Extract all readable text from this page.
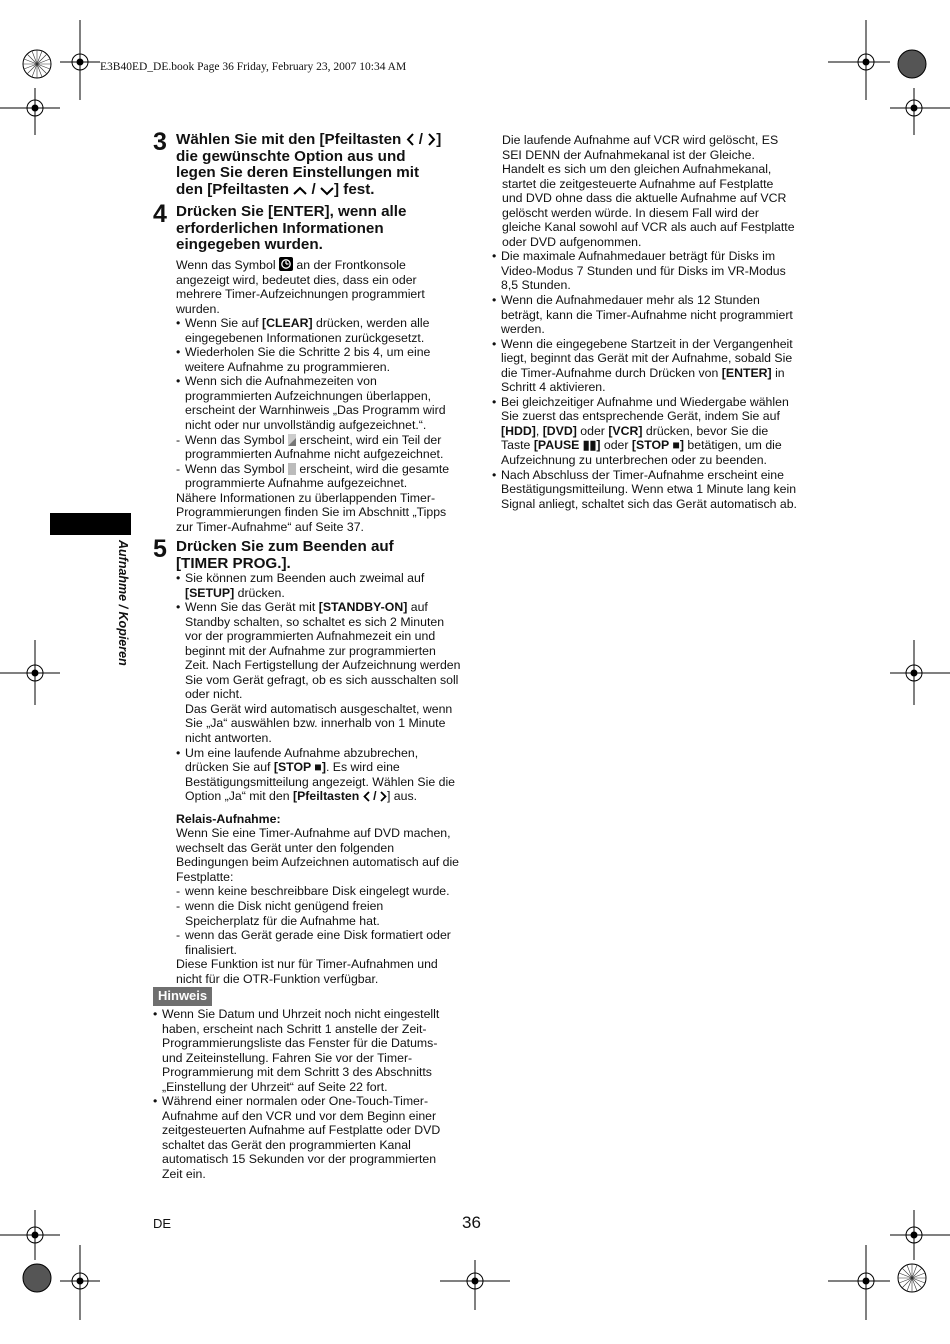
E3B40ED_DE.book Page 36 Friday, February 23, 2007 10:34 AM
Aufnahme / Kopieren
3 Wählen Sie mit den [Pfeiltasten  / ]
die gewünschte Option aus und
legen Sie deren Einstellungen mit
den [Pfeiltasten  / ] fest.
4 Drücken Sie [ENTER], wenn alle erforderlichen Informationen eingegeben wurden.

Wenn das Symbol an der Frontkonsole angezeigt wird, bedeutet dies, dass ein oder mehrere Timer-Aufzeichnungen programmiert wurden.

• Wenn Sie auf [CLEAR] drücken, werden alle eingegebenen Informationen zurückgesetzt.
• Wiederholen Sie die Schritte 2 bis 4, um eine weitere Aufnahme zu programmieren.
• Wenn sich die Aufnahmezeiten von programmierten Aufzeichnungen überlappen, erscheint der Warnhinweis „Das Programm wird nicht oder nur unvollständig aufgezeichnet.“.
- Wenn das Symbol erscheint, wird ein Teil der programmierten Aufnahme nicht aufgezeichnet.
- Wenn das Symbol erscheint, wird die gesamte programmierte Aufnahme aufgezeichnet.

Nähere Informationen zu überlappenden Timer-Programmierungen finden Sie im Abschnitt „Tipps zur Timer-Aufnahme“ auf Seite 37.

5 Drücken Sie zum Beenden auf [TIMER PROG.].
• Sie können zum Beenden auch zweimal auf [SETUP] drücken.
• Wenn Sie das Gerät mit [STANDBY-ON] auf Standby schalten, so schaltet es sich 2 Minuten vor der programmierten Aufnahmezeit ein und beginnt mit der Aufnahme zur programmierten Zeit. Nach Fertigstellung der Aufzeichnung werden Sie vom Gerät gefragt, ob es sich ausschalten soll oder nicht.
Das Gerät wird automatisch ausgeschaltet, wenn Sie „Ja“ auswählen bzw. innerhalb von 1 Minute nicht antworten.
• Um eine laufende Aufnahme abzubrechen, drücken Sie auf [STOP ■]. Es wird eine Bestätigungsmitteilung angezeigt. Wählen Sie die Option „Ja“ mit den [Pfeiltasten  / ] aus.
Relais-Aufnahme:

Wenn Sie eine Timer-Aufnahme auf DVD machen, wechselt das Gerät unter den folgenden Bedingungen beim Aufzeichnen automatisch auf die Festplatte:

- wenn keine beschreibbare Disk eingelegt wurde.
- wenn die Disk nicht genügend freien Speicherplatz für die Aufnahme hat.
- wenn das Gerät gerade eine Disk formatiert oder finalisiert.

Diese Funktion ist nur für Timer-Aufnahmen und nicht für die OTR-Funktion verfügbar.

Hinweis
• Wenn Sie Datum und Uhrzeit noch nicht eingestellt haben, erscheint nach Schritt 1 anstelle der Zeit-Programmierungsliste das Fenster für die Datums- und Zeiteinstellung. Fahren Sie vor der Timer-Programmierung mit dem Schritt 3 des Abschnitts „Einstellung der Uhrzeit“ auf Seite 22 fort.
• Während einer normalen oder One-Touch-Timer-Aufnahme auf den VCR und vor dem Beginn einer zeitgesteuerten Aufnahme auf Festplatte oder DVD schaltet das Gerät den programmierten Kanal automatisch 15 Sekunden vor der programmierten Zeit ein.

Die laufende Aufnahme auf VCR wird gelöscht, ES SEI DENN der Aufnahmekanal ist der Gleiche. Handelt es sich um den gleichen Aufnahmekanal, startet die zeitgesteuerte Aufnahme auf Festplatte und DVD ohne dass die aktuelle Aufnahme auf VCR gelöscht werden würde. In diesem Fall wird der gleiche Kanal sowohl auf VCR als auch auf Festplatte oder DVD aufgenommen.

• Die maximale Aufnahmedauer beträgt für Disks im Video-Modus 7 Stunden und für Disks im VR-Modus 8,5 Stunden.
• Wenn die Aufnahmedauer mehr als 12 Stunden beträgt, kann die Timer-Aufnahme nicht programmiert werden.
• Wenn die eingegebene Startzeit in der Vergangenheit liegt, beginnt das Gerät mit der Aufnahme, sobald Sie die Timer-Aufnahme durch Drücken von [ENTER] in Schritt 4 aktivieren.
• Bei gleichzeitiger Aufnahme und Wiedergabe wählen Sie zuerst das entsprechende Gerät, indem Sie auf [HDD], [DVD] oder [VCR] drücken, bevor Sie die Taste [PAUSE ▮▮] oder [STOP ■] betätigen, um die Aufzeichnung zu unterbrechen oder zu beenden.
• Nach Abschluss der Timer-Aufnahme erscheint eine Bestätigungsmitteilung. Wenn etwa 1 Minute lang kein Signal anliegt, schaltet sich das Gerät automatisch ab.
DE	36
